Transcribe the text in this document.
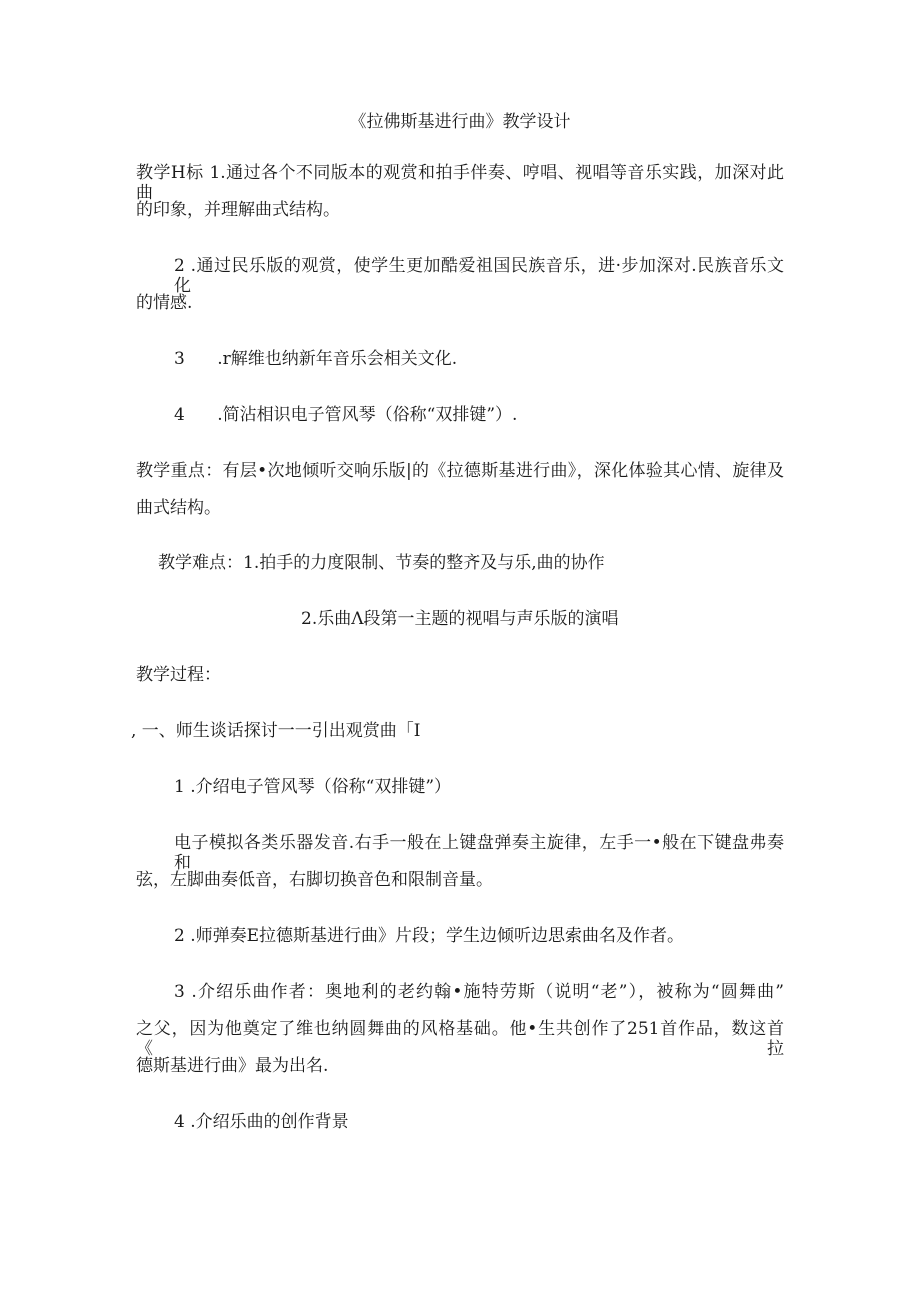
《拉佛斯基进行曲》教学设计
教学H标 1.通过各个不同版本的观赏和拍手伴奏、哼唱、视唱等音乐实践，加深对此曲
的印象，并理解曲式结构。
2 .通过民乐版的观赏，使学生更加酷爱祖国民族音乐，进·步加深对.民族音乐文化
的情感.
3      .r解维也纳新年音乐会相关文化.
4      .简沾相识电子管风琴（俗称“双排键”）.
教学重点：有层•次地倾听交响乐版|的《拉德斯基进行曲》，深化体验其心情、旋律及
曲式结构。
教学难点：1.拍手的力度限制、节奏的整齐及与乐,曲的协作
2.乐曲Λ段第一主题的视唱与声乐版的演唱
教学过程：
, 一、师生谈话探讨一一引出观赏曲「I
1 .介绍电子管风琴（俗称“双排键”）
电子模拟各类乐器发音.右手一般在上键盘弹奏主旋律，左手一•般在下键盘弗奏和
弦，左脚曲奏低音，右脚切换音色和限制音量。
2 .师弹奏E拉德斯基进行曲》片段；学生边倾听边思索曲名及作者。
3 .介绍乐曲作者：奥地利的老约翰•施特劳斯（说明“老”），被称为“圆舞曲”
之父，因为他奠定了维也纳圆舞曲的风格基础。他•生共创作了251首作品，数这首《拉
德斯基进行曲》最为出名.
4 .介绍乐曲的创作背景
